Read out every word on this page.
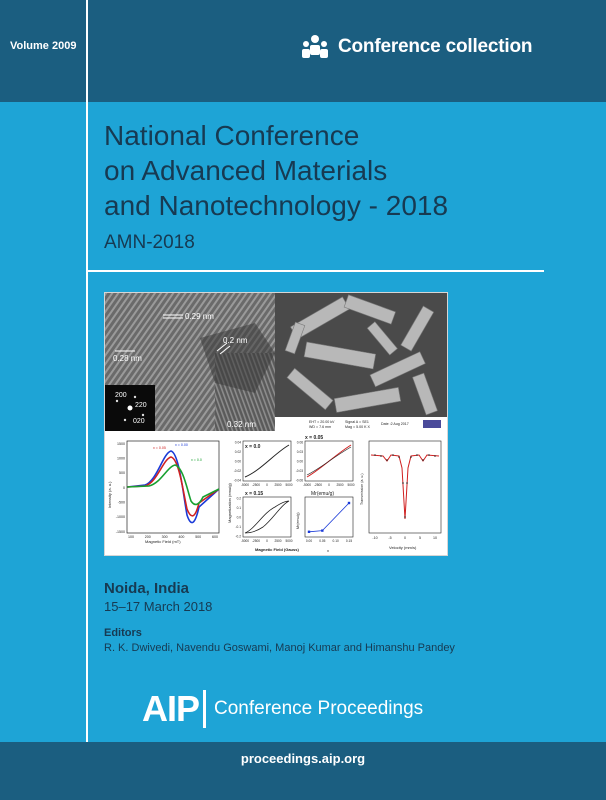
Volume 2009	Conference collection
National Conference
on Advanced Materials
and Nanotechnology - 2018
AMN-2018
0.29 nm
0.2 nm
0.28 nm
0.32 nm
200
220
020	EHT = 20.00 kV
WD = 7.6 mm
Signal A = SE1
Mag = 5.00 K X
Date :2 Aug 2017
1500
1000
500
0
-500
-1000
-1500
100	200	300	400	500	600
x = 0.05
x = 0.00
x = 0.0
Magnetic Field (mT)
Intensity (a. u.)
x = 0.0
0.04
0.02
0.00
-0.02
-0.04
-5000 -2500 0 2500 5000
x = 0.05
0.06
0.03
0.00
-0.03
-0.06
-5000 -2500 0 2500 5000
x = 0.15
0.2
0.1
0.0
-0.1
-0.2
-5000 -2500 0 2500 5000
Magnetic Field (Gauss)
Magnetization (emu/g)	Mr(emu/g)
Mr(emu/g)
0.00 0.05 0.10 0.15
x
-10	-5	0	5	10
Velocity (mm/s)
Transmission (a. u.)
Noida, India
15–17 March 2018
Editors
R. K. Dwivedi, Navendu Goswami, Manoj Kumar and Himanshu Pandey
AIP Conference Proceedings
proceedings.aip.org
